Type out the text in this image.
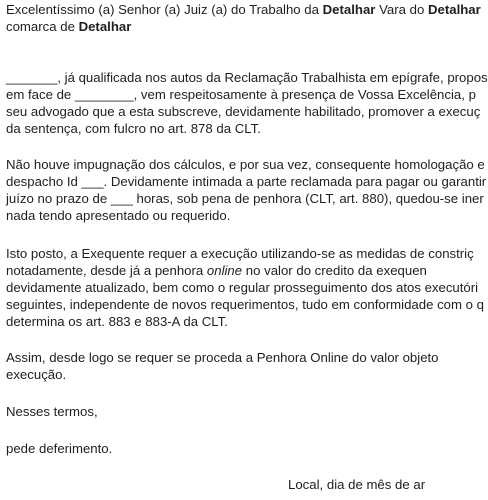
Excelentíssimo (a) Senhor (a) Juiz (a) do Trabalho da Detalhar Vara do Detalhar
comarca de Detalhar
_______, já qualificada nos autos da Reclamação Trabalhista em epígrafe, propos
em face de ________, vem respeitosamente à presença de Vossa Excelência, p
seu advogado que a esta subscreve, devidamente habilitado, promover a execuç
da sentença, com fulcro no art. 878 da CLT.
Não houve impugnação dos cálculos, e por sua vez, consequente homologação e
despacho Id ___. Devidamente intimada a parte reclamada para pagar ou garantir
juízo no prazo de ___ horas, sob pena de penhora (CLT, art. 880), quedou-se iner
nada tendo apresentado ou requerido.
Isto posto, a Exequente requer a execução utilizando-se as medidas de constriç
notadamente, desde já a penhora online no valor do credito da exequen
devidamente atualizado, bem como o regular prosseguimento dos atos executóri
seguintes, independente de novos requerimentos, tudo em conformidade com o q
determina os art. 883 e 883-A da CLT.
Assim, desde logo se requer se proceda a Penhora Online do valor objeto
execução.
Nesses termos,
pede deferimento.
Local, dia de mês de ar
